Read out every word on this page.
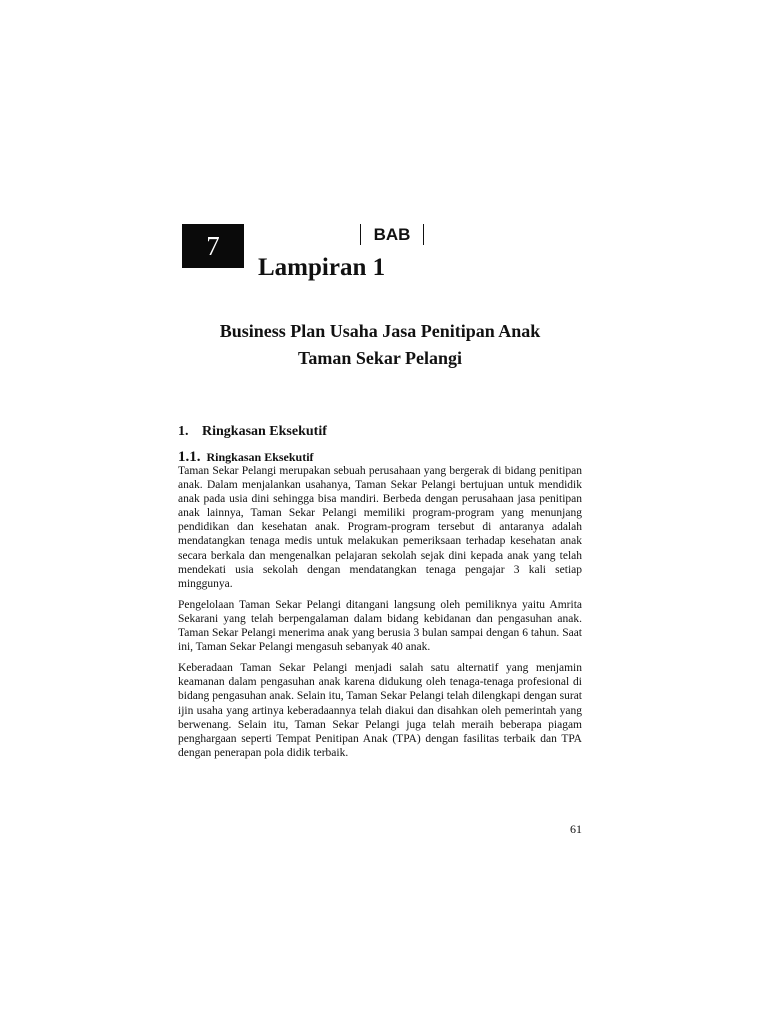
7	BAB
Lampiran 1
Business Plan Usaha Jasa Penitipan Anak
Taman Sekar Pelangi
1. Ringkasan Eksekutif
1.1. Ringkasan Eksekutif

Taman Sekar Pelangi merupakan sebuah perusahaan yang bergerak di bidang penitipan anak. Dalam menjalankan usahanya, Taman Sekar Pelangi bertujuan untuk mendidik anak pada usia dini sehingga bisa mandiri. Berbeda dengan perusahaan jasa penitipan anak lainnya, Taman Sekar Pelangi memiliki program-program yang menunjang pendidikan dan kesehatan anak. Program-program tersebut di antaranya adalah mendatangkan tenaga medis untuk melakukan pemeriksaan terhadap kesehatan anak secara berkala dan mengenalkan pelajaran sekolah sejak dini kepada anak yang telah mendekati usia sekolah dengan mendatangkan tenaga pengajar 3 kali setiap minggunya.

Pengelolaan Taman Sekar Pelangi ditangani langsung oleh pemiliknya yaitu Amrita Sekarani yang telah berpengalaman dalam bidang kebidanan dan pengasuhan anak. Taman Sekar Pelangi menerima anak yang berusia 3 bulan sampai dengan 6 tahun. Saat ini, Taman Sekar Pelangi mengasuh sebanyak 40 anak.

Keberadaan Taman Sekar Pelangi menjadi salah satu alternatif yang menjamin keamanan dalam pengasuhan anak karena didukung oleh tenaga-tenaga profesional di bidang pengasuhan anak. Selain itu, Taman Sekar Pelangi telah dilengkapi dengan surat ijin usaha yang artinya keberadaannya telah diakui dan disahkan oleh pemerintah yang berwenang. Selain itu, Taman Sekar Pelangi juga telah meraih beberapa piagam penghargaan seperti Tempat Penitipan Anak (TPA) dengan fasilitas terbaik dan TPA dengan penerapan pola didik terbaik.

61
